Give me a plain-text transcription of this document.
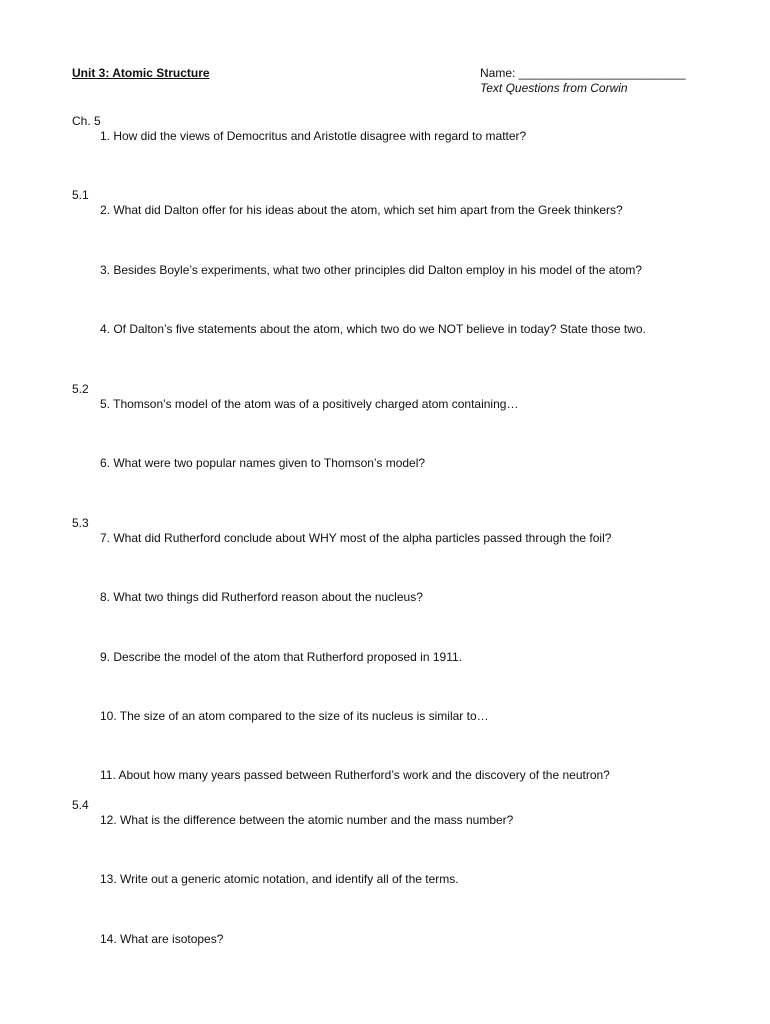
Unit 3: Atomic Structure	Name: _________________________
Text Questions from Corwin
Ch. 5
1. How did the views of Democritus and Aristotle disagree with regard to matter?
5.1
2. What did Dalton offer for his ideas about the atom, which set him apart from the Greek thinkers?
3. Besides Boyle’s experiments, what two other principles did Dalton employ in his model of the atom?
4. Of Dalton’s five statements about the atom, which two do we NOT believe in today? State those two.
5.2
5. Thomson’s model of the atom was of a positively charged atom containing…
6. What were two popular names given to Thomson’s model?
5.3
7. What did Rutherford conclude about WHY most of the alpha particles passed through the foil?
8. What two things did Rutherford reason about the nucleus?
9. Describe the model of the atom that Rutherford proposed in 1911.
10. The size of an atom compared to the size of its nucleus is similar to…
11. About how many years passed between Rutherford’s work and the discovery of the neutron?
5.4
12. What is the difference between the atomic number and the mass number?
13. Write out a generic atomic notation, and identify all of the terms.
14. What are isotopes?
